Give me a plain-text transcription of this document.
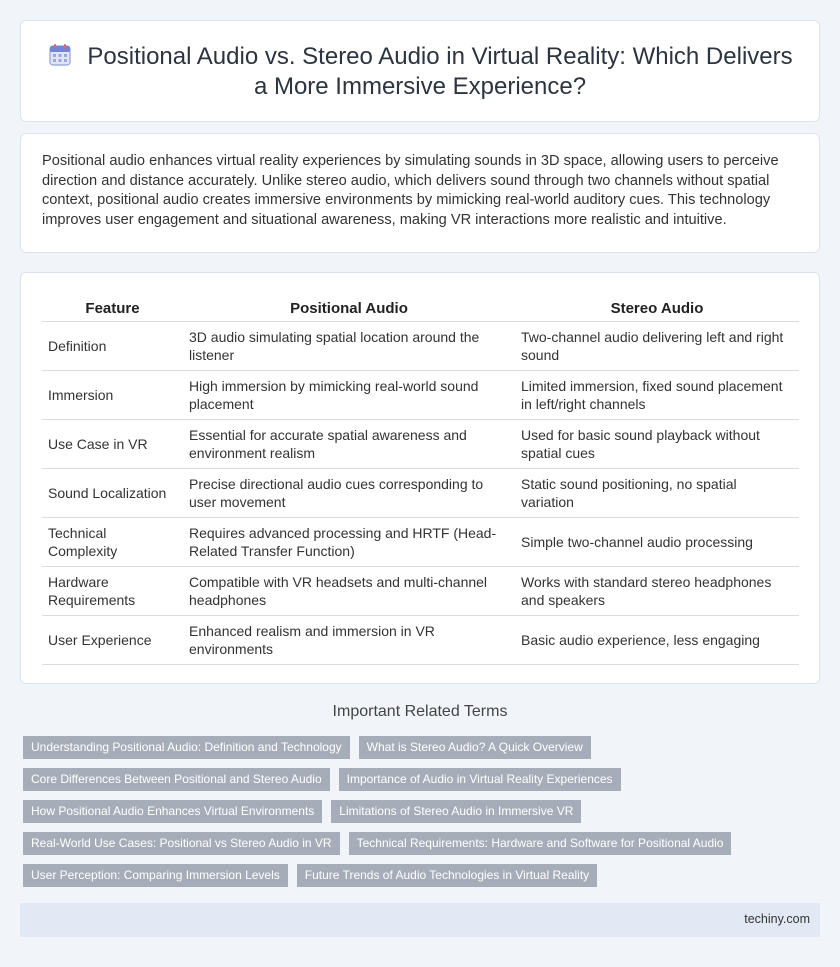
Positional Audio vs. Stereo Audio in Virtual Reality: Which Delivers a More Immersive Experience?

Positional audio enhances virtual reality experiences by simulating sounds in 3D space, allowing users to perceive direction and distance accurately. Unlike stereo audio, which delivers sound through two channels without spatial context, positional audio creates immersive environments by mimicking real-world auditory cues. This technology improves user engagement and situational awareness, making VR interactions more realistic and intuitive.

Feature	Positional Audio	Stereo Audio
Definition	3D audio simulating spatial location around the listener	Two-channel audio delivering left and right sound
Immersion	High immersion by mimicking real-world sound placement	Limited immersion, fixed sound placement in left/right channels
Use Case in VR	Essential for accurate spatial awareness and environment realism	Used for basic sound playback without spatial cues
Sound Localization	Precise directional audio cues corresponding to user movement	Static sound positioning, no spatial variation
Technical Complexity	Requires advanced processing and HRTF (Head-Related Transfer Function)	Simple two-channel audio processing
Hardware Requirements	Compatible with VR headsets and multi-channel headphones	Works with standard stereo headphones and speakers
User Experience	Enhanced realism and immersion in VR environments	Basic audio experience, less engaging
Important Related Terms
Understanding Positional Audio: Definition and Technology	What is Stereo Audio? A Quick Overview
Core Differences Between Positional and Stereo Audio	Importance of Audio in Virtual Reality Experiences
How Positional Audio Enhances Virtual Environments	Limitations of Stereo Audio in Immersive VR
Real-World Use Cases: Positional vs Stereo Audio in VR	Technical Requirements: Hardware and Software for Positional Audio
User Perception: Comparing Immersion Levels	Future Trends of Audio Technologies in Virtual Reality
techiny.com
